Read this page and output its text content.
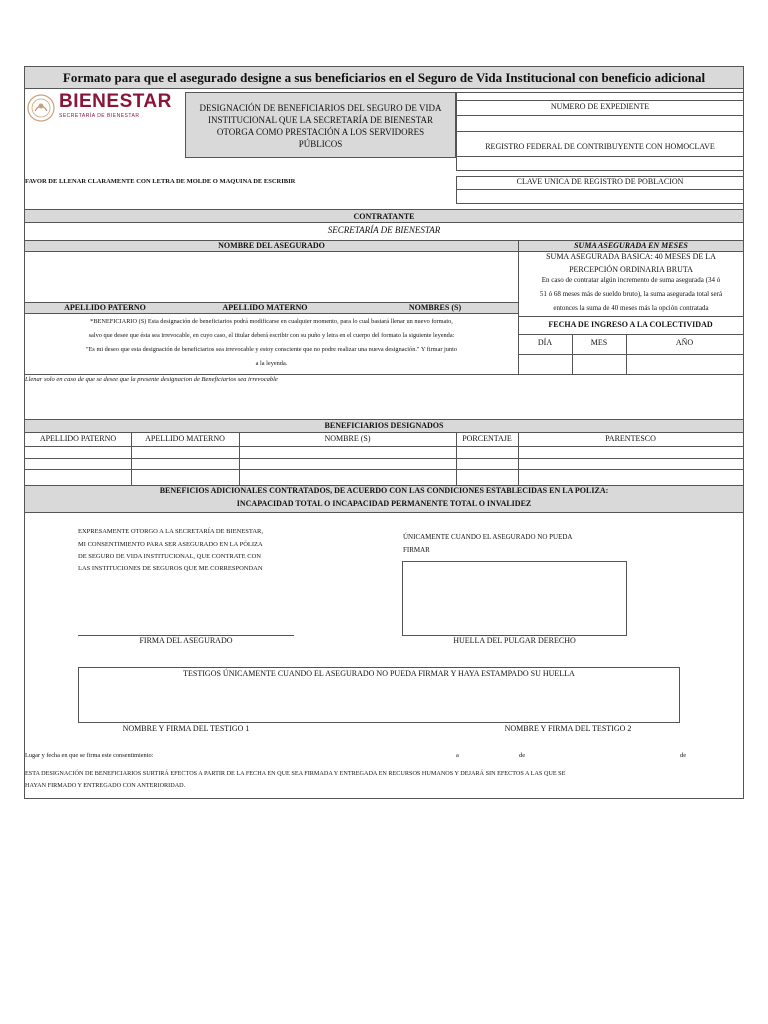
Formato para que el asegurado designe a sus beneficiarios en el Seguro de Vida Institucional con beneficio adicional
BIENESTAR
SECRETARÍA DE BIENESTAR
DESIGNACIÓN DE BENEFICIARIOS DEL SEGURO DE VIDA INSTITUCIONAL QUE LA SECRETARÍA DE BIENESTAR OTORGA COMO PRESTACIÓN A LOS SERVIDORES PÚBLICOS
NUMERO DE EXPEDIENTE
REGISTRO FEDERAL DE CONTRIBUYENTE CON HOMOCLAVE
CLAVE UNICA DE REGISTRO DE POBLACION
FAVOR DE LLENAR CLARAMENTE CON LETRA DE MOLDE O MAQUINA DE ESCRIBIR
CONTRATANTE
SECRETARÍA DE BIENESTAR
NOMBRE DEL ASEGURADO	SUMA ASEGURADA EN MESES
SUMA ASEGURADA BASICA: 40 MESES DE LA
PERCEPCIÓN ORDINARIA BRUTA
En caso de contratar algún incremento de suma asegurada (34 ó
51 ó 68 meses más de sueldo bruto), la suma asegurada total será
entonces la suma de 40 meses más la opción contratada
APELLIDO PATERNO	APELLIDO MATERNO	NOMBRES (S)
*BENEFICIARIO (S) Esta designación de beneficiarios podrá modificarse en cualquier momento, para lo cual bastará llenar un nuevo formato,
salvo que desee que ésta sea irrevocable, en cuyo caso, el titular deberá escribir con su puño y letra en el cuerpo del formato la siguiente leyenda:
"Es mi deseo que esta designación de beneficiarios sea irrevocable y estoy consciente que no podre realizar una nueva designación." Y firmar junto
a la leyenda.
FECHA DE INGRESO A LA COLECTIVIDAD
DÍA	MES	AÑO
Llenar solo en caso de que se desee que la presente designacion de Beneficiarios sea irrevocable
BENEFICIARIOS DESIGNADOS
APELLIDO PATERNO	APELLIDO MATERNO	NOMBRE (S)	PORCENTAJE	PARENTESCO
BENEFICIOS ADICIONALES CONTRATADOS, DE ACUERDO CON LAS CONDICIONES ESTABLECIDAS EN LA POLIZA:
INCAPACIDAD TOTAL O INCAPACIDAD PERMANENTE TOTAL O INVALIDEZ
EXPRESAMENTE OTORGO A LA SECRETARÍA DE BIENESTAR,
MI CONSENTIMIENTO PARA SER ASEGURADO EN LA PÓLIZA
DE SEGURO DE VIDA INSTITUCIONAL, QUE CONTRATE CON
LAS INSTITUCIONES DE SEGUROS QUE ME CORRESPONDAN
ÚNICAMENTE CUANDO EL ASEGURADO NO PUEDA
FIRMAR
FIRMA DEL ASEGURADO	HUELLA DEL PULGAR DERECHO
TESTIGOS ÚNICAMENTE CUANDO EL ASEGURADO NO PUEDA FIRMAR Y HAYA ESTAMPADO SU HUELLA
NOMBRE Y FIRMA DEL TESTIGO 1	NOMBRE Y FIRMA DEL TESTIGO 2
Lugar y fecha en que se firma este consentimiento:	a	de	de
ESTA DESIGNACIÓN DE BENEFICIARIOS SURTIRÁ EFECTOS A PARTIR DE LA FECHA EN QUE SEA FIRMADA Y ENTREGADA EN RECURSOS HUMANOS Y DEJARÁ SIN EFECTOS A LAS QUE SE
HAYAN FIRMADO Y ENTREGADO CON ANTERIORIDAD.
